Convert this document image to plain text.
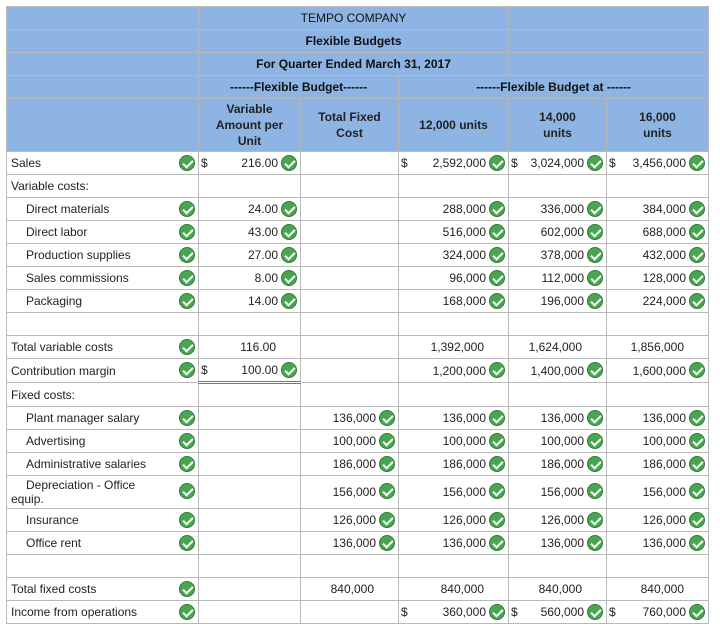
	TEMPO COMPANY				
	Flexible Budgets				
	For Quarter Ended March 31, 2017				
	------Flexible Budget------		------Flexible Budget at ------		
	Variable Amount per Unit	Total Fixed Cost	12,000 units	14,000 units	16,000 units
Sales	$ 216.00		$ 2,592,000	$ 3,024,000	$ 3,456,000

Variable costs:					
Direct materials	24.00		288,000	336,000	384,000

Direct labor	43.00		516,000	602,000	688,000

Production supplies	27.00		324,000	378,000	432,000

Sales commissions	8.00		96,000	112,000	128,000

Packaging	14.00		168,000	196,000	224,000

Total variable costs	116.00		1,392,000	1,624,000	1,856,000
Contribution margin	$ 100.00		1,200,000	1,400,000	1,600,000

Fixed costs:					
Plant manager salary		136,000	136,000	136,000	136,000

Advertising		100,000	100,000	100,000	100,000

Administrative salaries		186,000	186,000	186,000	186,000

Depreciation - Office
equip.		156,000	156,000	156,000	156,000

Insurance		126,000	126,000	126,000	126,000

Office rent		136,000	136,000	136,000	136,000

Total fixed costs		840,000	840,000	840,000	840,000
Income from operations			$ 360,000	$ 560,000	$ 760,000
